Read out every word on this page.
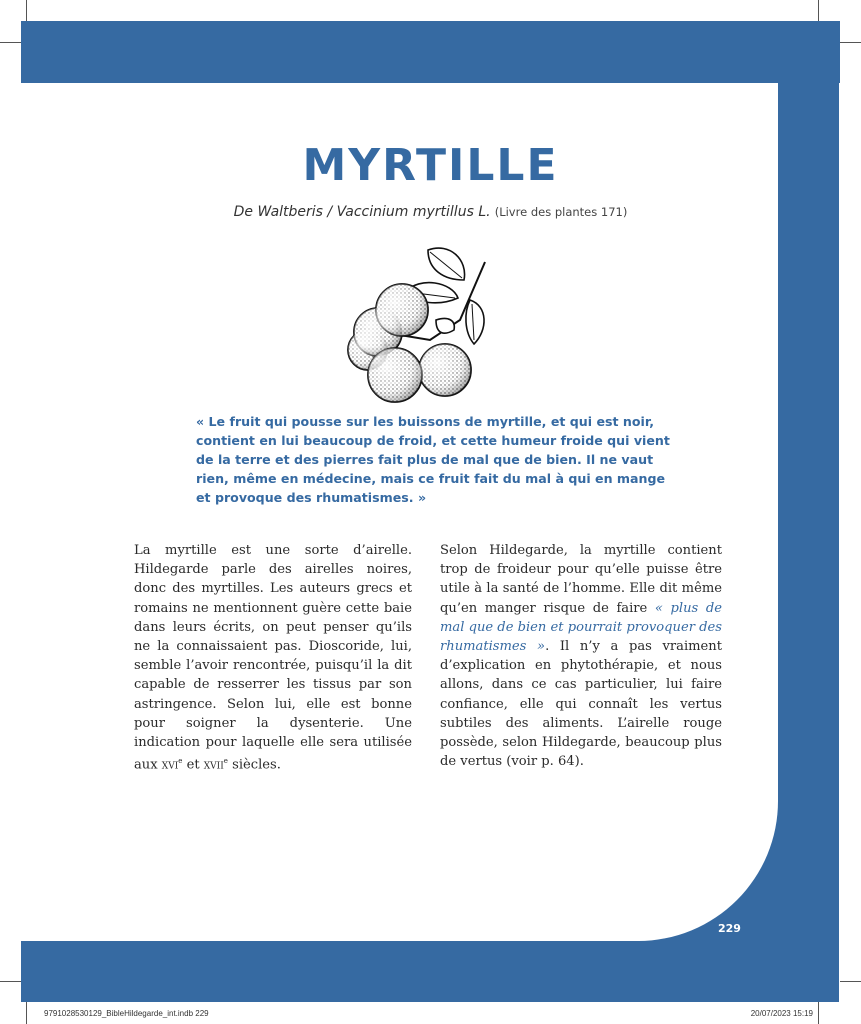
MYRTILLE
De Waltberis / Vaccinium myrtillus L. (Livre des plantes 171)

« Le fruit qui pousse sur les buissons de myrtille, et qui est noir, contient en lui beaucoup de froid, et cette humeur froide qui vient de la terre et des pierres fait plus de mal que de bien. Il ne vaut rien, même en médecine, mais ce fruit fait du mal à qui en mange et provoque des rhumatismes. »

La myrtille est une sorte d’airelle. Hildegarde parle des airelles noires, donc des myrtilles. Les auteurs grecs et romains ne mentionnent guère cette baie dans leurs écrits, on peut penser qu’ils ne la connaissaient pas. Dioscoride, lui, semble l’avoir rencontrée, puisqu’il la dit capable de resserrer les tissus par son astringence. Selon lui, elle est bonne pour soigner la dysenterie. Une indication pour laquelle elle sera utilisée aux xvi$^e$ et xvii$^e$ siècles.

Selon Hildegarde, la myrtille contient trop de froideur pour qu’elle puisse être utile à la santé de l’homme. Elle dit même qu’en manger risque de faire « plus de mal que de bien et pourrait provoquer des rhumatismes ». Il n’y a pas vraiment d’explication en phytothérapie, et nous allons, dans ce cas particulier, lui faire confiance, elle qui connaît les vertus subtiles des aliments. L’airelle rouge possède, selon Hildegarde, beaucoup plus de vertus (voir p. 64).

229
9791028530129_BibleHildegarde_int.indb 229	20/07/2023 15:19
